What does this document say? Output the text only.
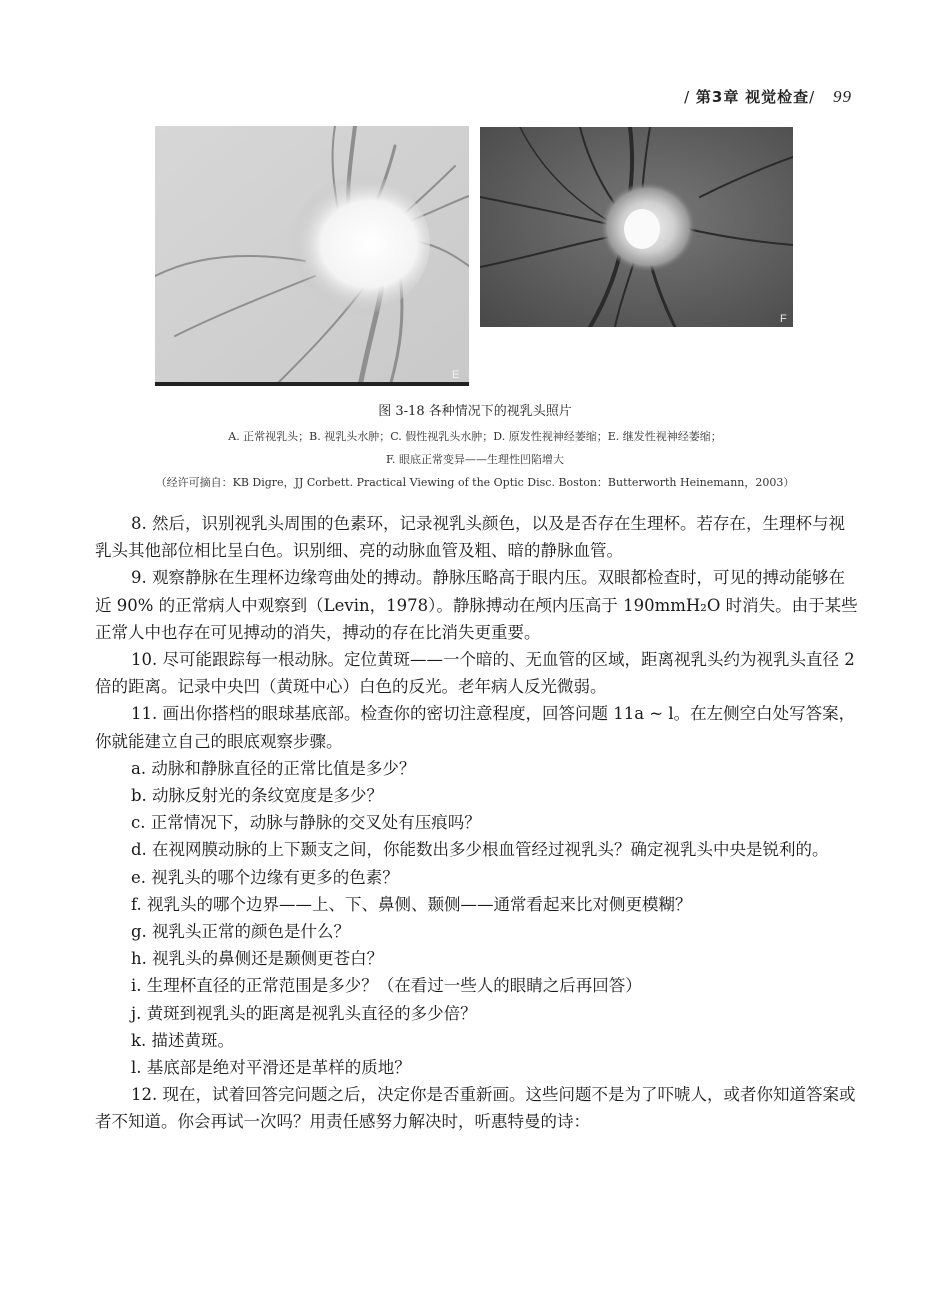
/ 第3章 视觉检查/ 99
E
F
图 3-18 各种情况下的视乳头照片
A. 正常视乳头；B. 视乳头水肿；C. 假性视乳头水肿；D. 原发性视神经萎缩；E. 继发性视神经萎缩；
F. 眼底正常变异——生理性凹陷增大
（经许可摘自：KB Digre，JJ Corbett. Practical Viewing of the Optic Disc. Boston：Butterworth Heinemann，2003）

8. 然后，识别视乳头周围的色素环，记录视乳头颜色，以及是否存在生理杯。若存在，生理杯与视乳头其他部位相比呈白色。识别细、亮的动脉血管及粗、暗的静脉血管。

9. 观察静脉在生理杯边缘弯曲处的搏动。静脉压略高于眼内压。双眼都检查时，可见的搏动能够在近 90% 的正常病人中观察到（Levin，1978）。静脉搏动在颅内压高于 190mmH₂O 时消失。由于某些正常人中也存在可见搏动的消失，搏动的存在比消失更重要。

10. 尽可能跟踪每一根动脉。定位黄斑——一个暗的、无血管的区域，距离视乳头约为视乳头直径 2 倍的距离。记录中央凹（黄斑中心）白色的反光。老年病人反光微弱。

11. 画出你搭档的眼球基底部。检查你的密切注意程度，回答问题 11a ~ l。在左侧空白处写答案，你就能建立自己的眼底观察步骤。

a. 动脉和静脉直径的正常比值是多少？

b. 动脉反射光的条纹宽度是多少？

c. 正常情况下，动脉与静脉的交叉处有压痕吗？

d. 在视网膜动脉的上下颞支之间，你能数出多少根血管经过视乳头？确定视乳头中央是锐利的。

e. 视乳头的哪个边缘有更多的色素？

f. 视乳头的哪个边界——上、下、鼻侧、颞侧——通常看起来比对侧更模糊？

g. 视乳头正常的颜色是什么？

h. 视乳头的鼻侧还是颞侧更苍白？

i. 生理杯直径的正常范围是多少？（在看过一些人的眼睛之后再回答）

j. 黄斑到视乳头的距离是视乳头直径的多少倍？

k. 描述黄斑。

l. 基底部是绝对平滑还是革样的质地？

12. 现在，试着回答完问题之后，决定你是否重新画。这些问题不是为了吓唬人，或者你知道答案或者不知道。你会再试一次吗？用责任感努力解决时，听惠特曼的诗：
